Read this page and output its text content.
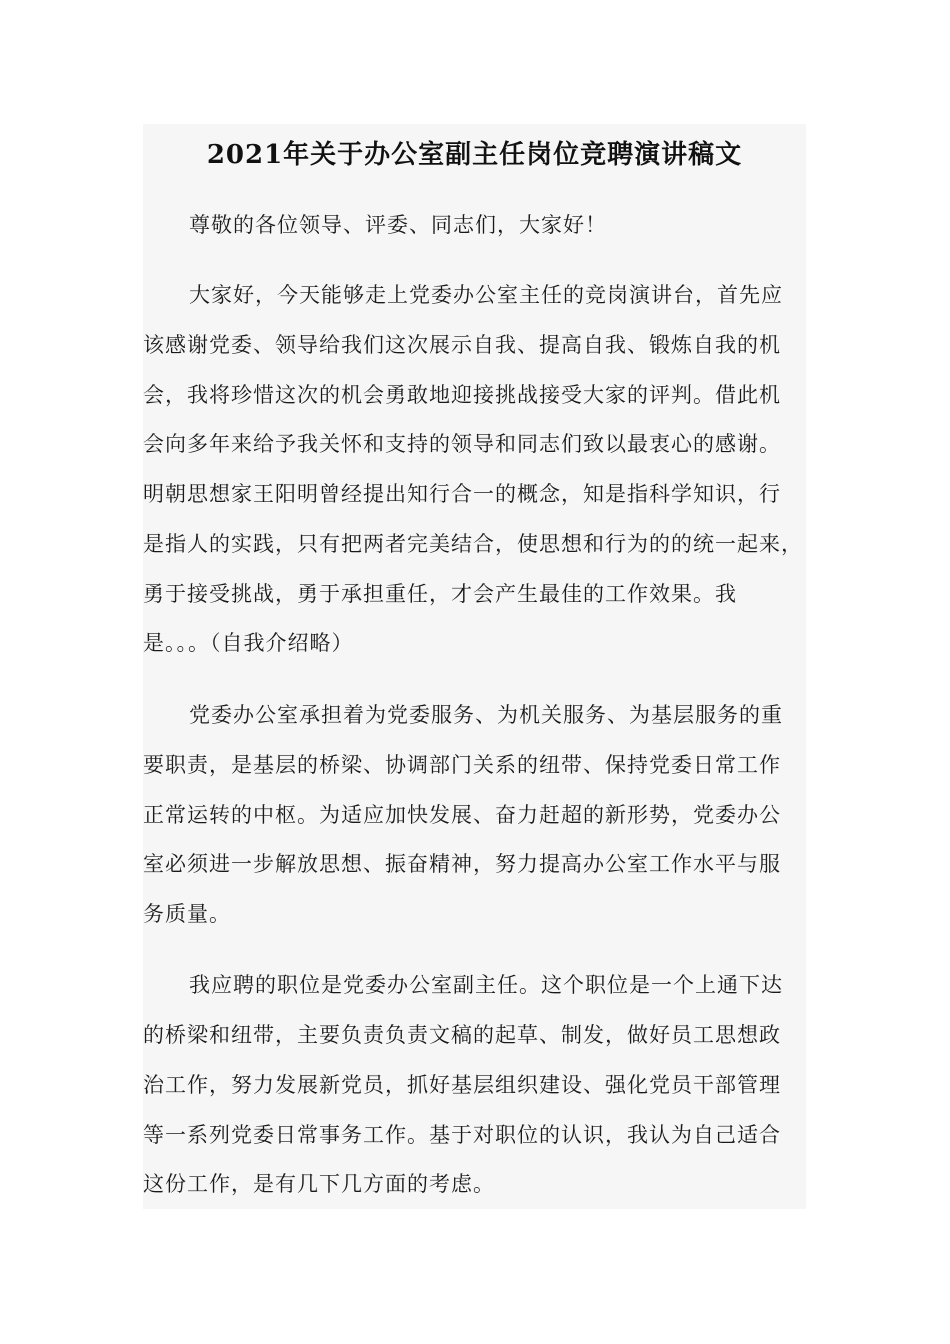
2021年关于办公室副主任岗位竞聘演讲稿文
尊敬的各位领导、评委、同志们，大家好！
大家好，今天能够走上党委办公室主任的竞岗演讲台，首先应
该感谢党委、领导给我们这次展示自我、提高自我、锻炼自我的机
会，我将珍惜这次的机会勇敢地迎接挑战接受大家的评判。借此机
会向多年来给予我关怀和支持的领导和同志们致以最衷心的感谢。
明朝思想家王阳明曾经提出知行合一的概念，知是指科学知识，行
是指人的实践，只有把两者完美结合，使思想和行为的的统一起来，
勇于接受挑战，勇于承担重任，才会产生最佳的工作效果。我
是。。。（自我介绍略）
党委办公室承担着为党委服务、为机关服务、为基层服务的重
要职责，是基层的桥梁、协调部门关系的纽带、保持党委日常工作
正常运转的中枢。为适应加快发展、奋力赶超的新形势，党委办公
室必须进一步解放思想、振奋精神，努力提高办公室工作水平与服
务质量。
我应聘的职位是党委办公室副主任。这个职位是一个上通下达
的桥梁和纽带，主要负责负责文稿的起草、制发，做好员工思想政
治工作，努力发展新党员，抓好基层组织建设、强化党员干部管理
等一系列党委日常事务工作。基于对职位的认识，我认为自己适合
这份工作，是有几下几方面的考虑。
